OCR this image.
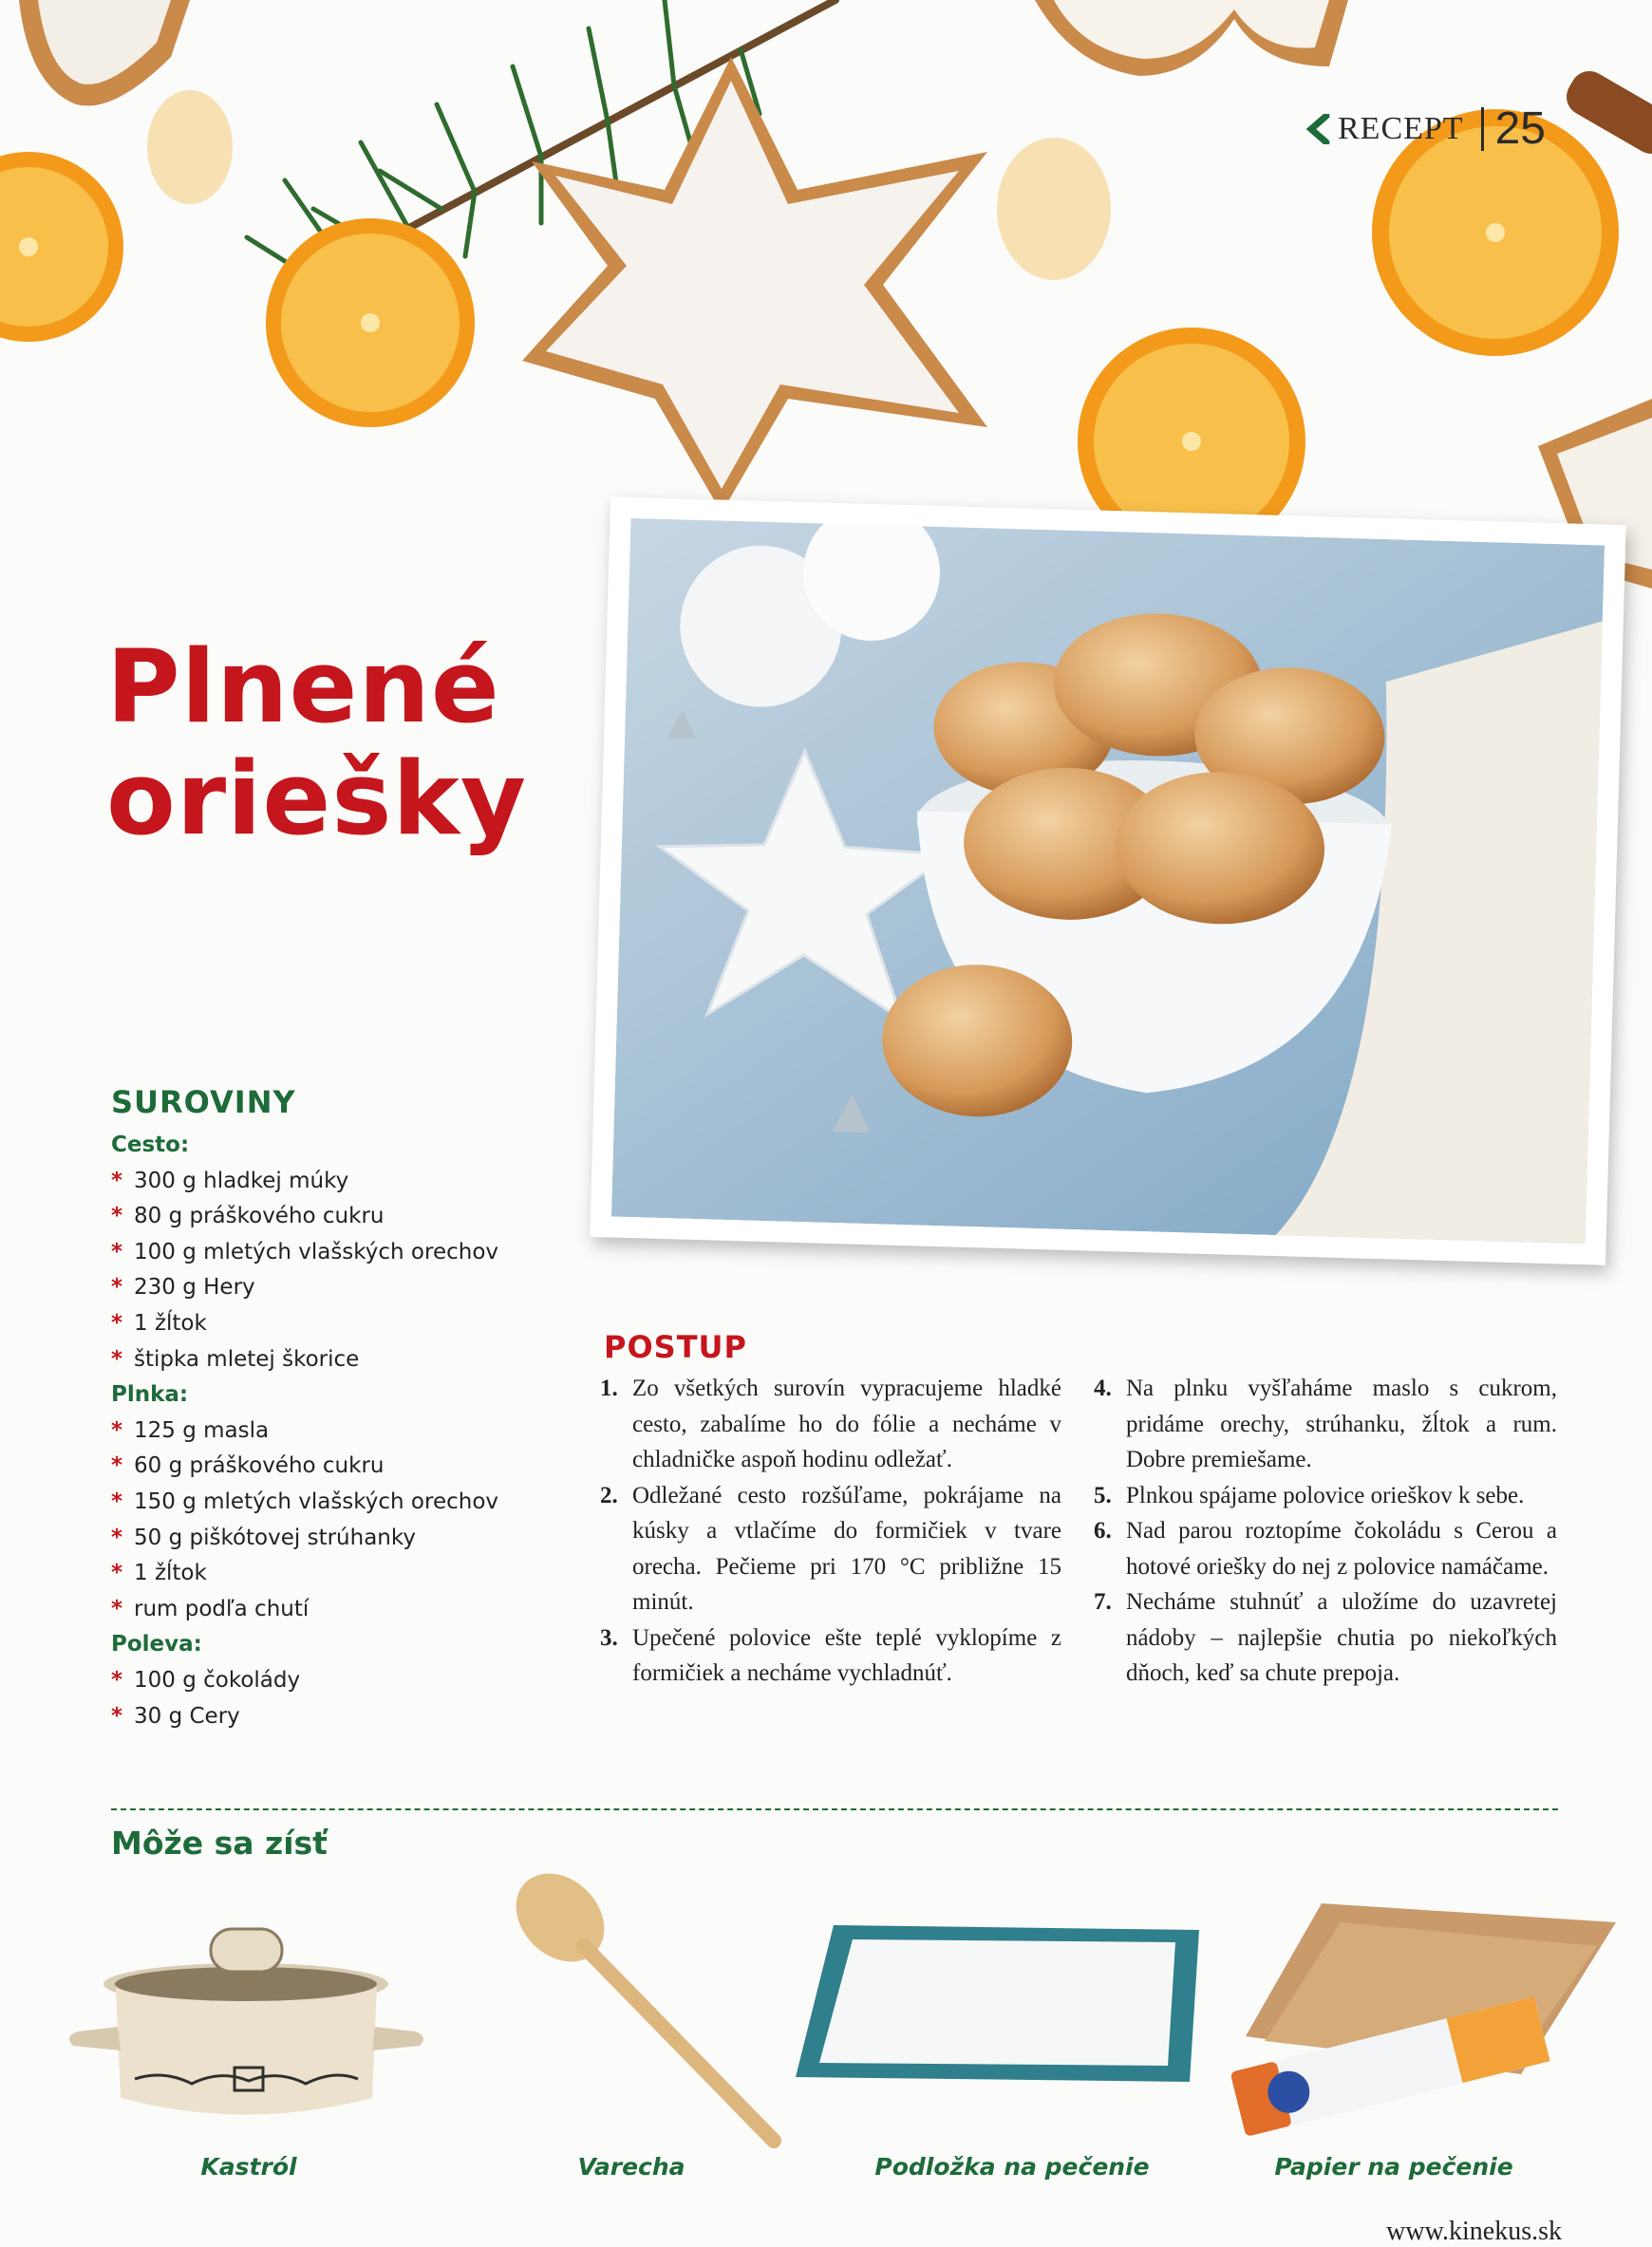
RECEPT 25
Plnené
oriešky
SUROVINY
Cesto:
* 300 g hladkej múky
* 80 g práškového cukru
* 100 g mletých vlašských orechov
* 230 g Hery
* 1 žĺtok
* štipka mletej škorice
Plnka:
* 125 g masla
* 60 g práškového cukru
* 150 g mletých vlašských orechov
* 50 g piškótovej strúhanky
* 1 žĺtok
* rum podľa chutí
Poleva:
* 100 g čokolády
* 30 g Cery
POSTUP
1. Zo všetkých surovín vypracujeme hladké cesto, zabalíme ho do fólie a necháme v chladničke aspoň hodinu odležať.
2. Odležané cesto rozšúľame, pokrájame na kúsky a vtlačíme do formičiek v tvare orecha. Pečieme pri 170 °C približne 15 minút.
3. Upečené polovice ešte teplé vyklopíme z formičiek a necháme vychladnúť.
4. Na plnku vyšľaháme maslo s cukrom, pridáme orechy, strúhanku, žĺtok a rum. Dobre premiešame.
5. Plnkou spájame polovice orieškov k sebe.
6. Nad parou roztopíme čokoládu s Cerou a hotové oriešky do nej z polovice namáčame.
7. Necháme stuhnúť a uložíme do uzavretej nádoby – najlepšie chutia po niekoľkých dňoch, keď sa chute prepoja.
Môže sa zísť
Kastról	Varecha	Podložka na pečenie	Papier na pečenie
www.kinekus.sk
